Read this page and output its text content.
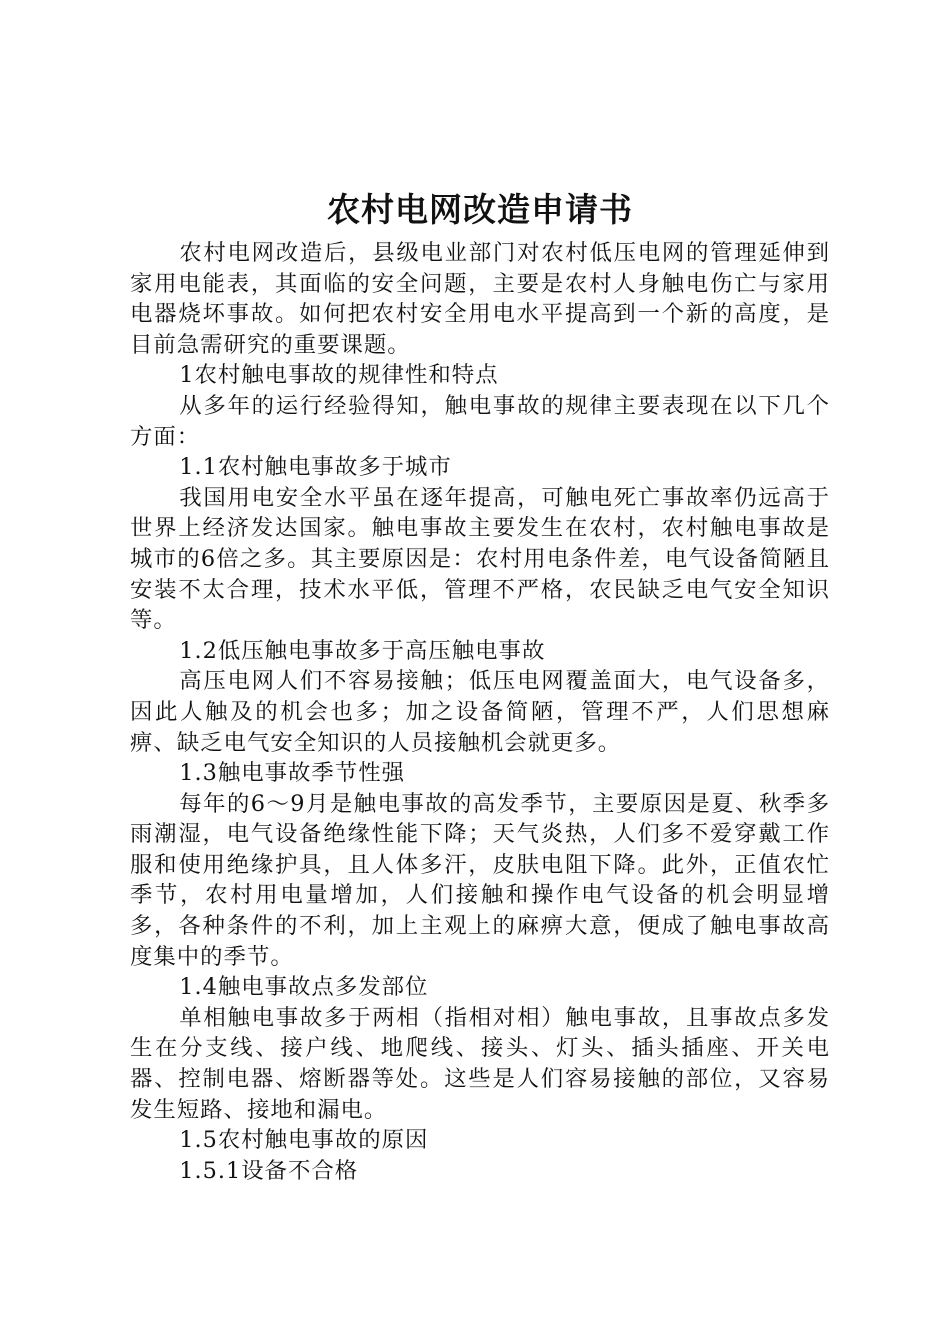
农村电网改造申请书

农村电网改造后，县级电业部门对农村低压电网的管理延伸到家用电能表，其面临的安全问题，主要是农村人身触电伤亡与家用电器烧坏事故。如何把农村安全用电水平提高到一个新的高度，是目前急需研究的重要课题。

1农村触电事故的规律性和特点

从多年的运行经验得知，触电事故的规律主要表现在以下几个方面：

1.1农村触电事故多于城市

我国用电安全水平虽在逐年提高，可触电死亡事故率仍远高于世界上经济发达国家。触电事故主要发生在农村，农村触电事故是城市的6倍之多。其主要原因是：农村用电条件差，电气设备简陋且安装不太合理，技术水平低，管理不严格，农民缺乏电气安全知识等。

1.2低压触电事故多于高压触电事故

高压电网人们不容易接触；低压电网覆盖面大，电气设备多，因此人触及的机会也多；加之设备简陋，管理不严，人们思想麻痹、缺乏电气安全知识的人员接触机会就更多。

1.3触电事故季节性强

每年的6～9月是触电事故的高发季节，主要原因是夏、秋季多雨潮湿，电气设备绝缘性能下降；天气炎热，人们多不爱穿戴工作服和使用绝缘护具，且人体多汗，皮肤电阻下降。此外，正值农忙季节，农村用电量增加，人们接触和操作电气设备的机会明显增多，各种条件的不利，加上主观上的麻痹大意，便成了触电事故高度集中的季节。

1.4触电事故点多发部位

单相触电事故多于两相（指相对相）触电事故，且事故点多发生在分支线、接户线、地爬线、接头、灯头、插头插座、开关电器、控制电器、熔断器等处。这些是人们容易接触的部位，又容易发生短路、接地和漏电。

1.5农村触电事故的原因

1.5.1设备不合格
